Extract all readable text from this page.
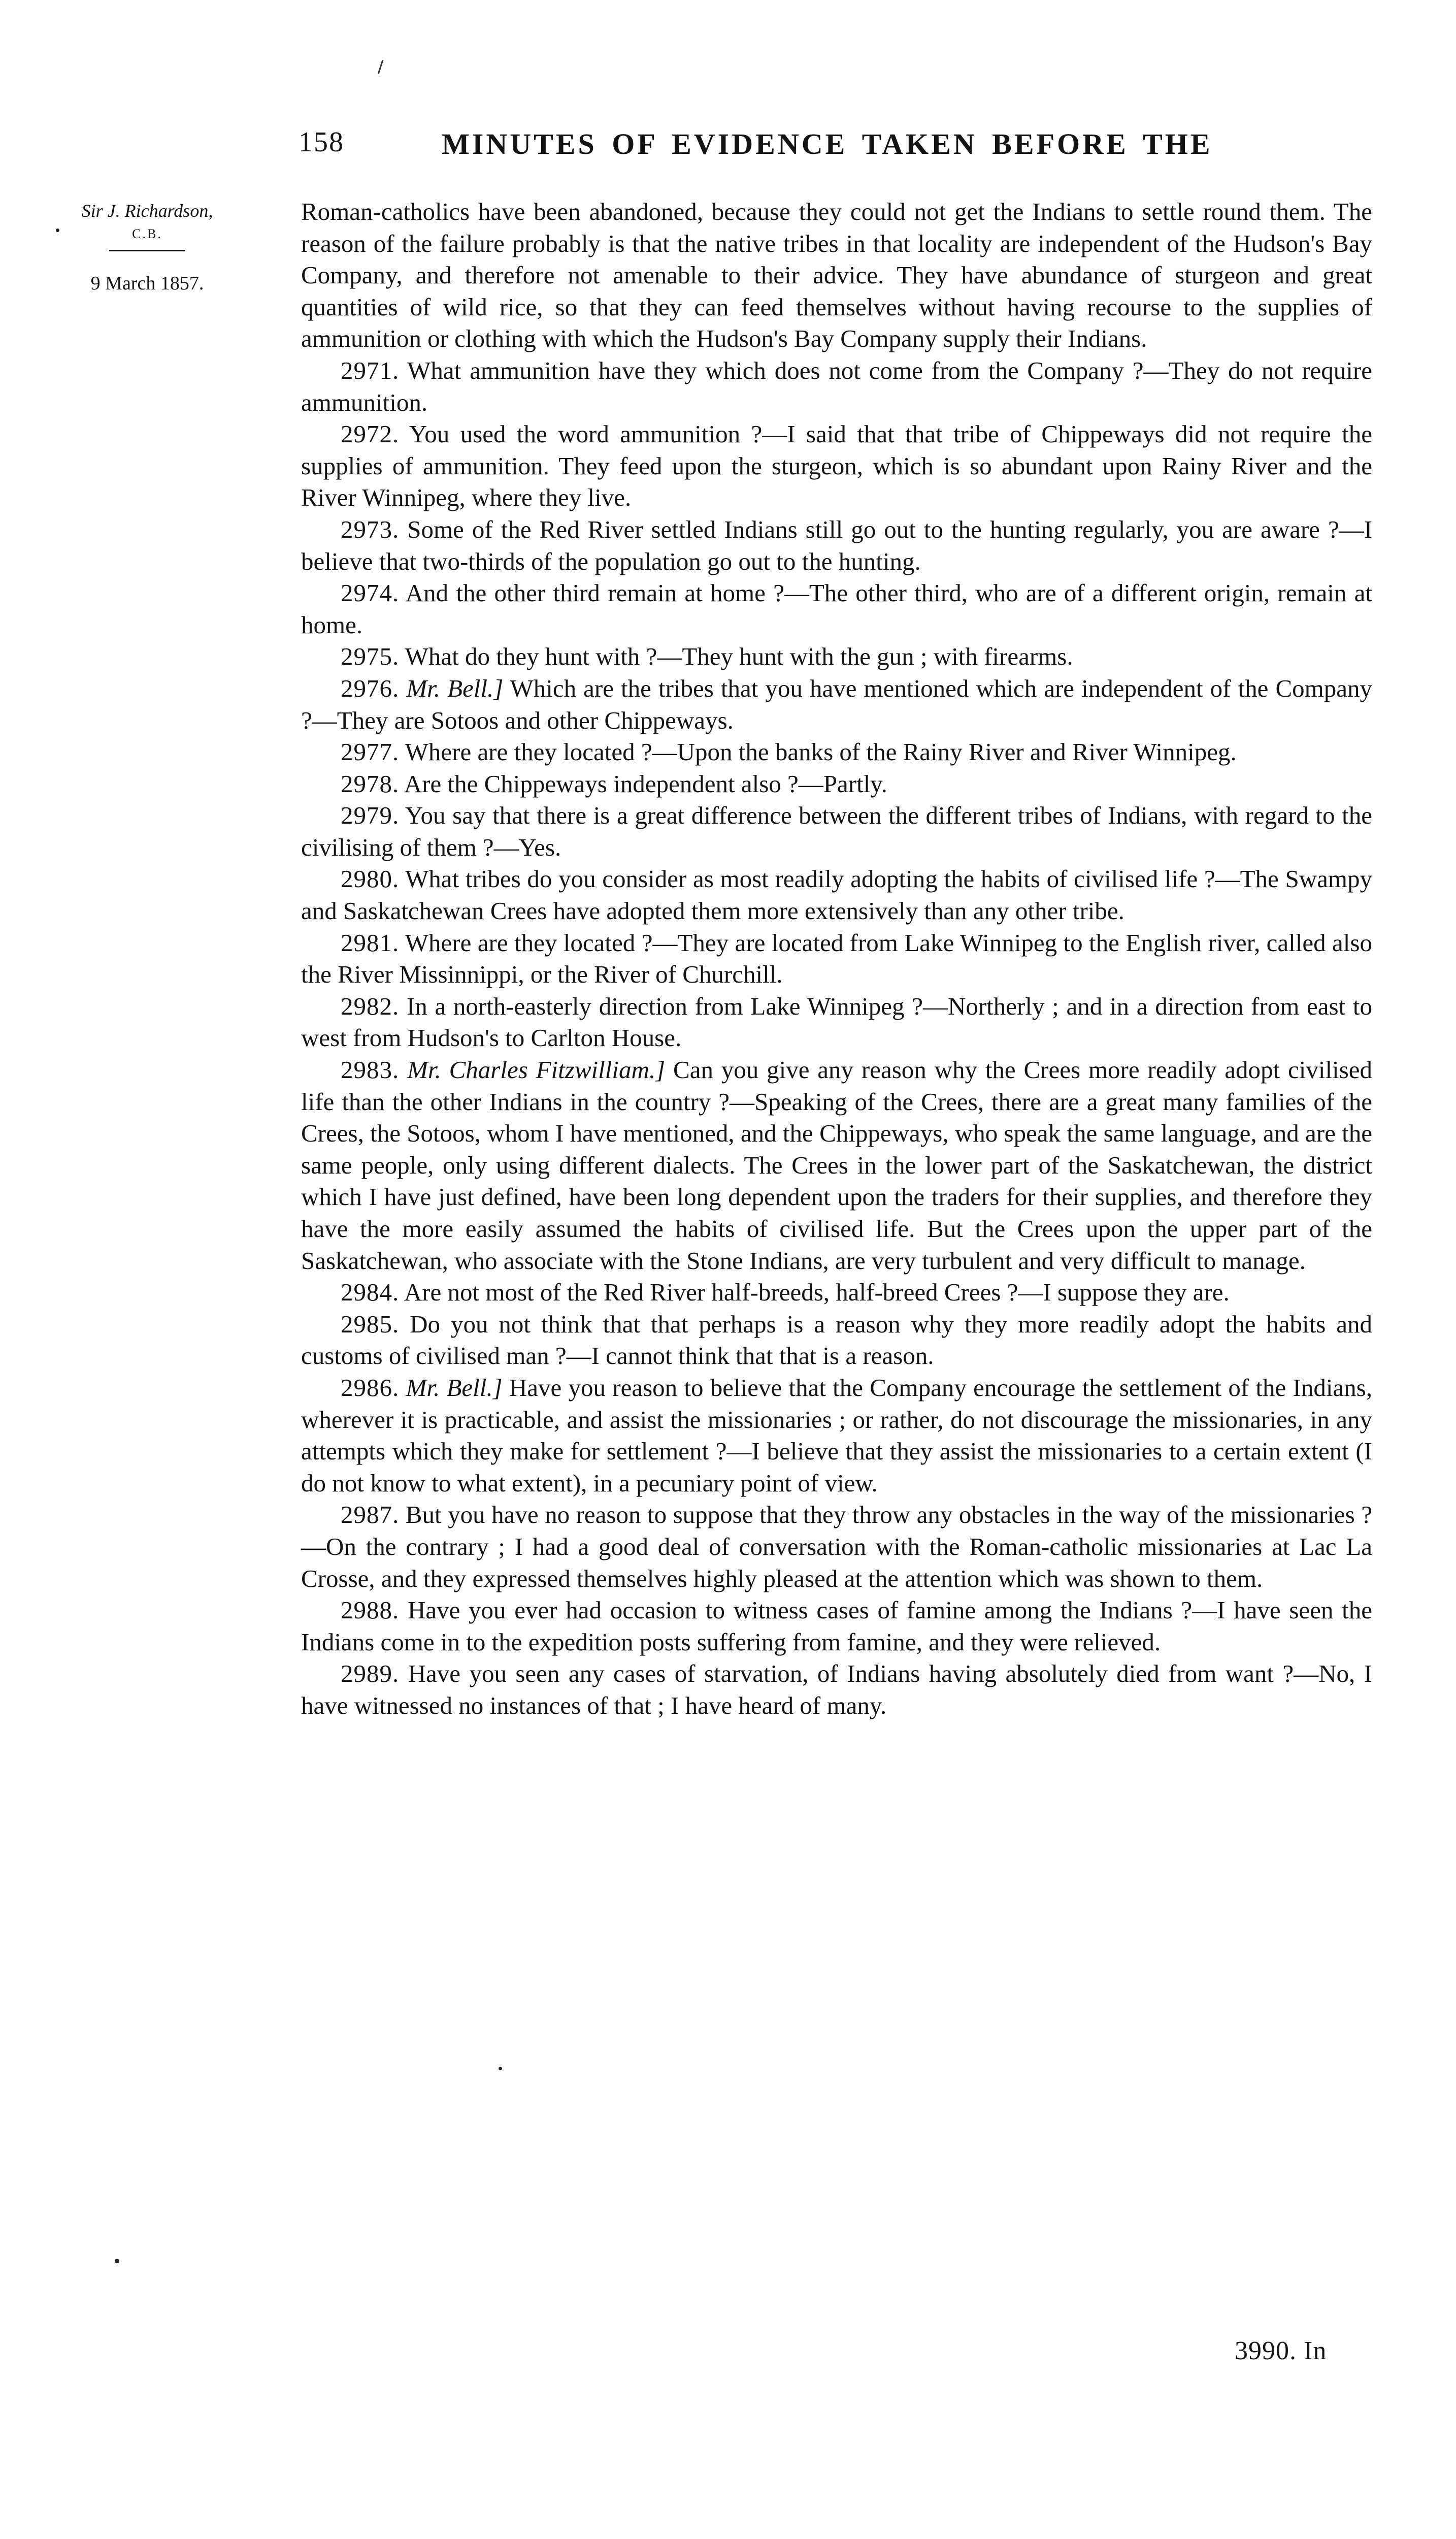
158	MINUTES OF EVIDENCE TAKEN BEFORE THE
Sir J. Richardson,
C.B.
9 March 1857.

Roman-catholics have been abandoned, because they could not get the Indians to settle round them. The reason of the failure probably is that the native tribes in that locality are independent of the Hudson's Bay Company, and therefore not amenable to their advice. They have abundance of sturgeon and great quantities of wild rice, so that they can feed themselves without having recourse to the supplies of ammunition or clothing with which the Hudson's Bay Company supply their Indians.

2971. What ammunition have they which does not come from the Company ?—They do not require ammunition.

2972. You used the word ammunition ?—I said that that tribe of Chippeways did not require the supplies of ammunition. They feed upon the sturgeon, which is so abundant upon Rainy River and the River Winnipeg, where they live.

2973. Some of the Red River settled Indians still go out to the hunting regularly, you are aware ?—I believe that two-thirds of the population go out to the hunting.

2974. And the other third remain at home ?—The other third, who are of a different origin, remain at home.

2975. What do they hunt with ?—They hunt with the gun ; with firearms.

2976. Mr. Bell.] Which are the tribes that you have mentioned which are independent of the Company ?—They are Sotoos and other Chippeways.

2977. Where are they located ?—Upon the banks of the Rainy River and River Winnipeg.

2978. Are the Chippeways independent also ?—Partly.

2979. You say that there is a great difference between the different tribes of Indians, with regard to the civilising of them ?—Yes.

2980. What tribes do you consider as most readily adopting the habits of civilised life ?—The Swampy and Saskatchewan Crees have adopted them more extensively than any other tribe.

2981. Where are they located ?—They are located from Lake Winnipeg to the English river, called also the River Missinnippi, or the River of Churchill.

2982. In a north-easterly direction from Lake Winnipeg ?—Northerly ; and in a direction from east to west from Hudson's to Carlton House.

2983. Mr. Charles Fitzwilliam.] Can you give any reason why the Crees more readily adopt civilised life than the other Indians in the country ?—Speaking of the Crees, there are a great many families of the Crees, the Sotoos, whom I have mentioned, and the Chippeways, who speak the same language, and are the same people, only using different dialects. The Crees in the lower part of the Saskatchewan, the district which I have just defined, have been long dependent upon the traders for their supplies, and therefore they have the more easily assumed the habits of civilised life. But the Crees upon the upper part of the Saskatchewan, who associate with the Stone Indians, are very turbulent and very difficult to manage.

2984. Are not most of the Red River half-breeds, half-breed Crees ?—I suppose they are.

2985. Do you not think that that perhaps is a reason why they more readily adopt the habits and customs of civilised man ?—I cannot think that that is a reason.

2986. Mr. Bell.] Have you reason to believe that the Company encourage the settlement of the Indians, wherever it is practicable, and assist the missionaries ; or rather, do not discourage the missionaries, in any attempts which they make for settlement ?—I believe that they assist the missionaries to a certain extent (I do not know to what extent), in a pecuniary point of view.

2987. But you have no reason to suppose that they throw any obstacles in the way of the missionaries ?—On the contrary ; I had a good deal of conversation with the Roman-catholic missionaries at Lac La Crosse, and they expressed themselves highly pleased at the attention which was shown to them.

2988. Have you ever had occasion to witness cases of famine among the Indians ?—I have seen the Indians come in to the expedition posts suffering from famine, and they were relieved.

2989. Have you seen any cases of starvation, of Indians having absolutely died from want ?—No, I have witnessed no instances of that ; I have heard of many.

3990. In
